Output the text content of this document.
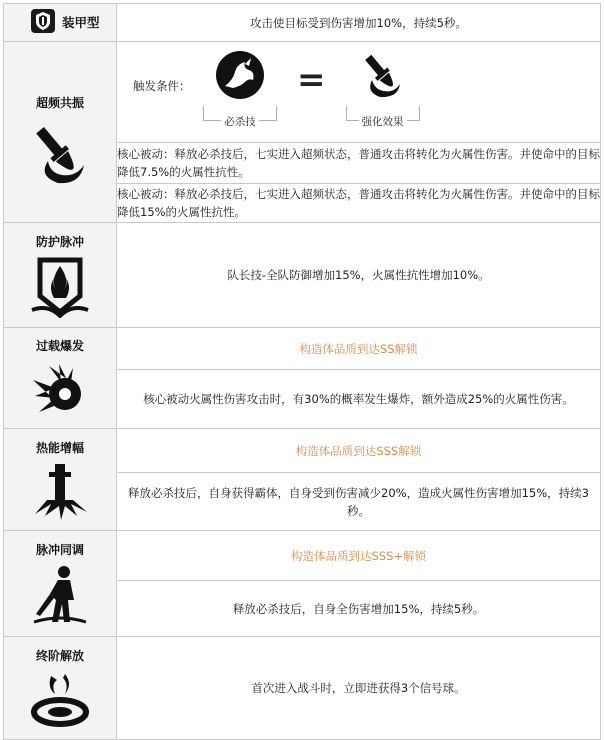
装甲型	攻击使目标受到伤害增加10%，持续5秒。

超频共振	触发条件：
必杀技
=
强化效果

	核心被动：释放必杀技后，七实进入超频状态，普通攻击将转化为火属性伤害。并使命中的目标降低7.5%的火属性抗性。
	核心被动：释放必杀技后，七实进入超频状态，普通攻击将转化为火属性伤害。并使命中的目标降低15%的火属性抗性。

防护脉冲	队长技-全队防御增加15%，火属性抗性增加10%。

过载爆发	构造体品质到达SS解锁
	核心被动火属性伤害攻击时，有30%的概率发生爆炸，额外造成25%的火属性伤害。

热能增幅	构造体品质到达SSS解锁
	释放必杀技后，自身获得霸体，自身受到伤害减少20%，造成火属性伤害增加15%，持续3秒。

脉冲同调	构造体品质到达SSS+解锁
	释放必杀技后，自身全伤害增加15%，持续5秒。

终阶解放	首次进入战斗时，立即进获得3个信号球。
